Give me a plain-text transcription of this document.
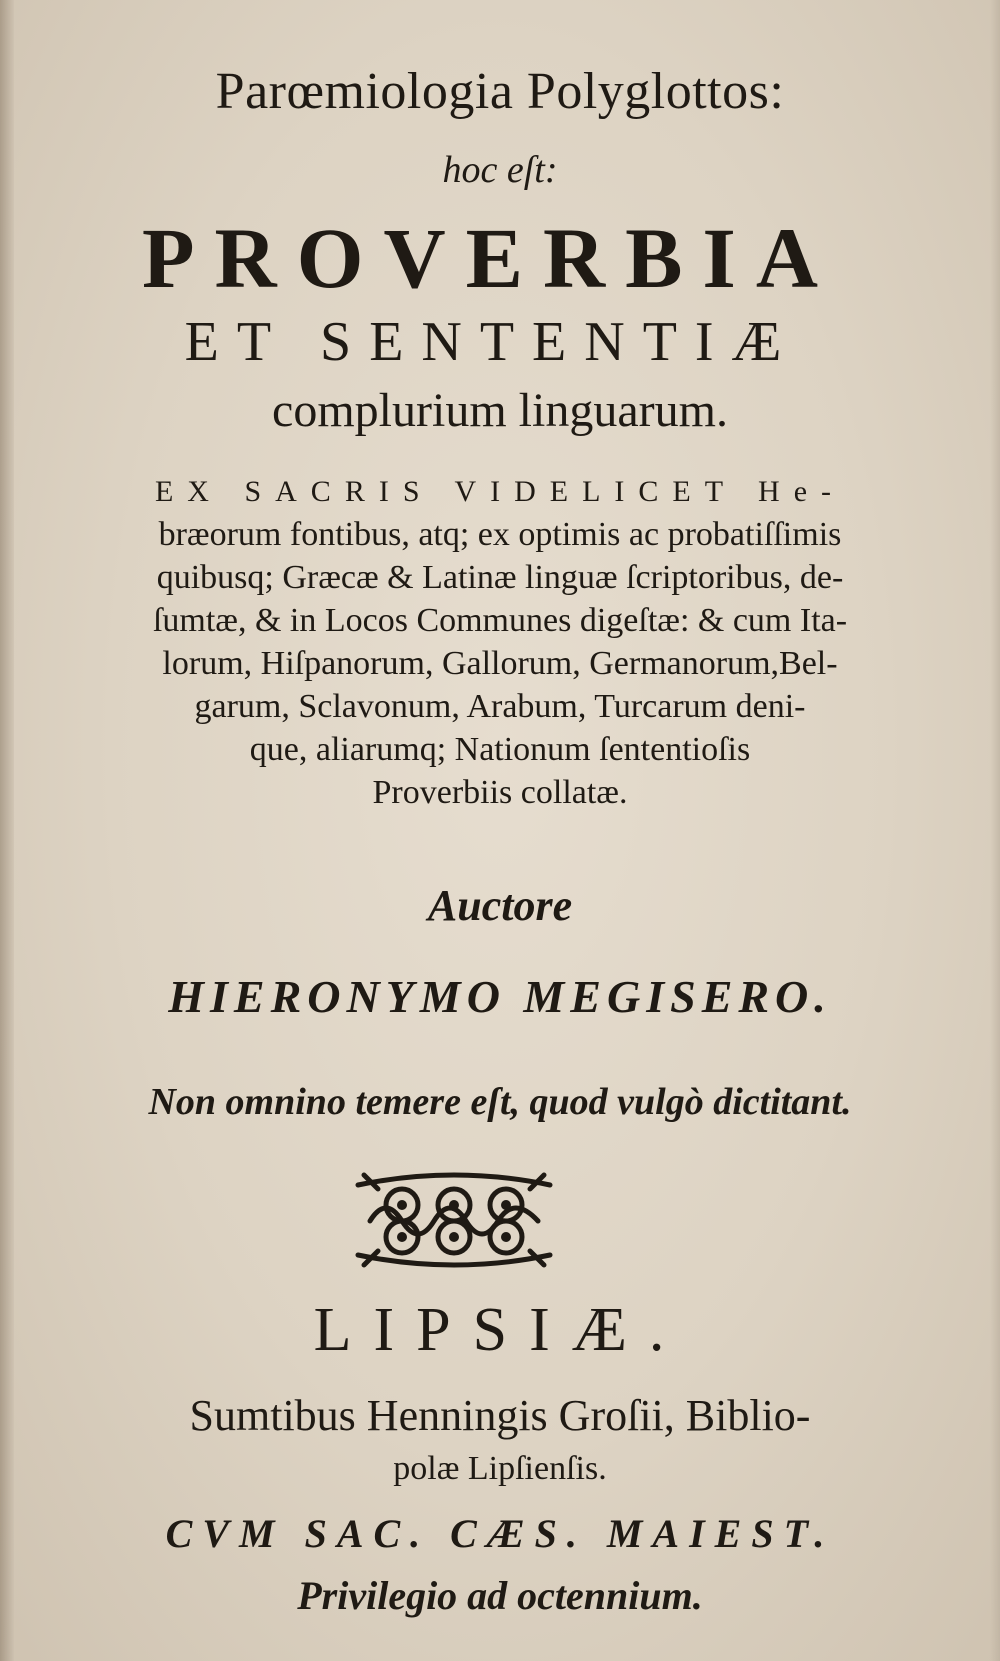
Parœmiologia Polyglottos:
hoc eſt:
PROVERBIA
ET SENTENTIÆ
complurium linguarum.
EX SACRIS VIDELICET He-
bræorum fontibus, atq; ex optimis ac probatiſſimis
quibusq; Græcæ & Latinæ linguæ ſcriptoribus, de-
ſumtæ, & in Locos Communes digeſtæ: & cum Ita-
lorum, Hiſpanorum, Gallorum, Germanorum,Bel-
garum, Sclavonum, Arabum, Turcarum deni-
que, aliarumq; Nationum ſententioſis
Proverbiis collatæ.
Auctore
HIERONYMO MEGISERO.
Non omnino temere eſt, quod vulgò dictitant.
LIPSIÆ.
Sumtibus Henningis Groſii, Biblio-
polæ Lipſienſis.
CVM SAC. CÆS. MAIEST.
Privilegio ad octennium.
